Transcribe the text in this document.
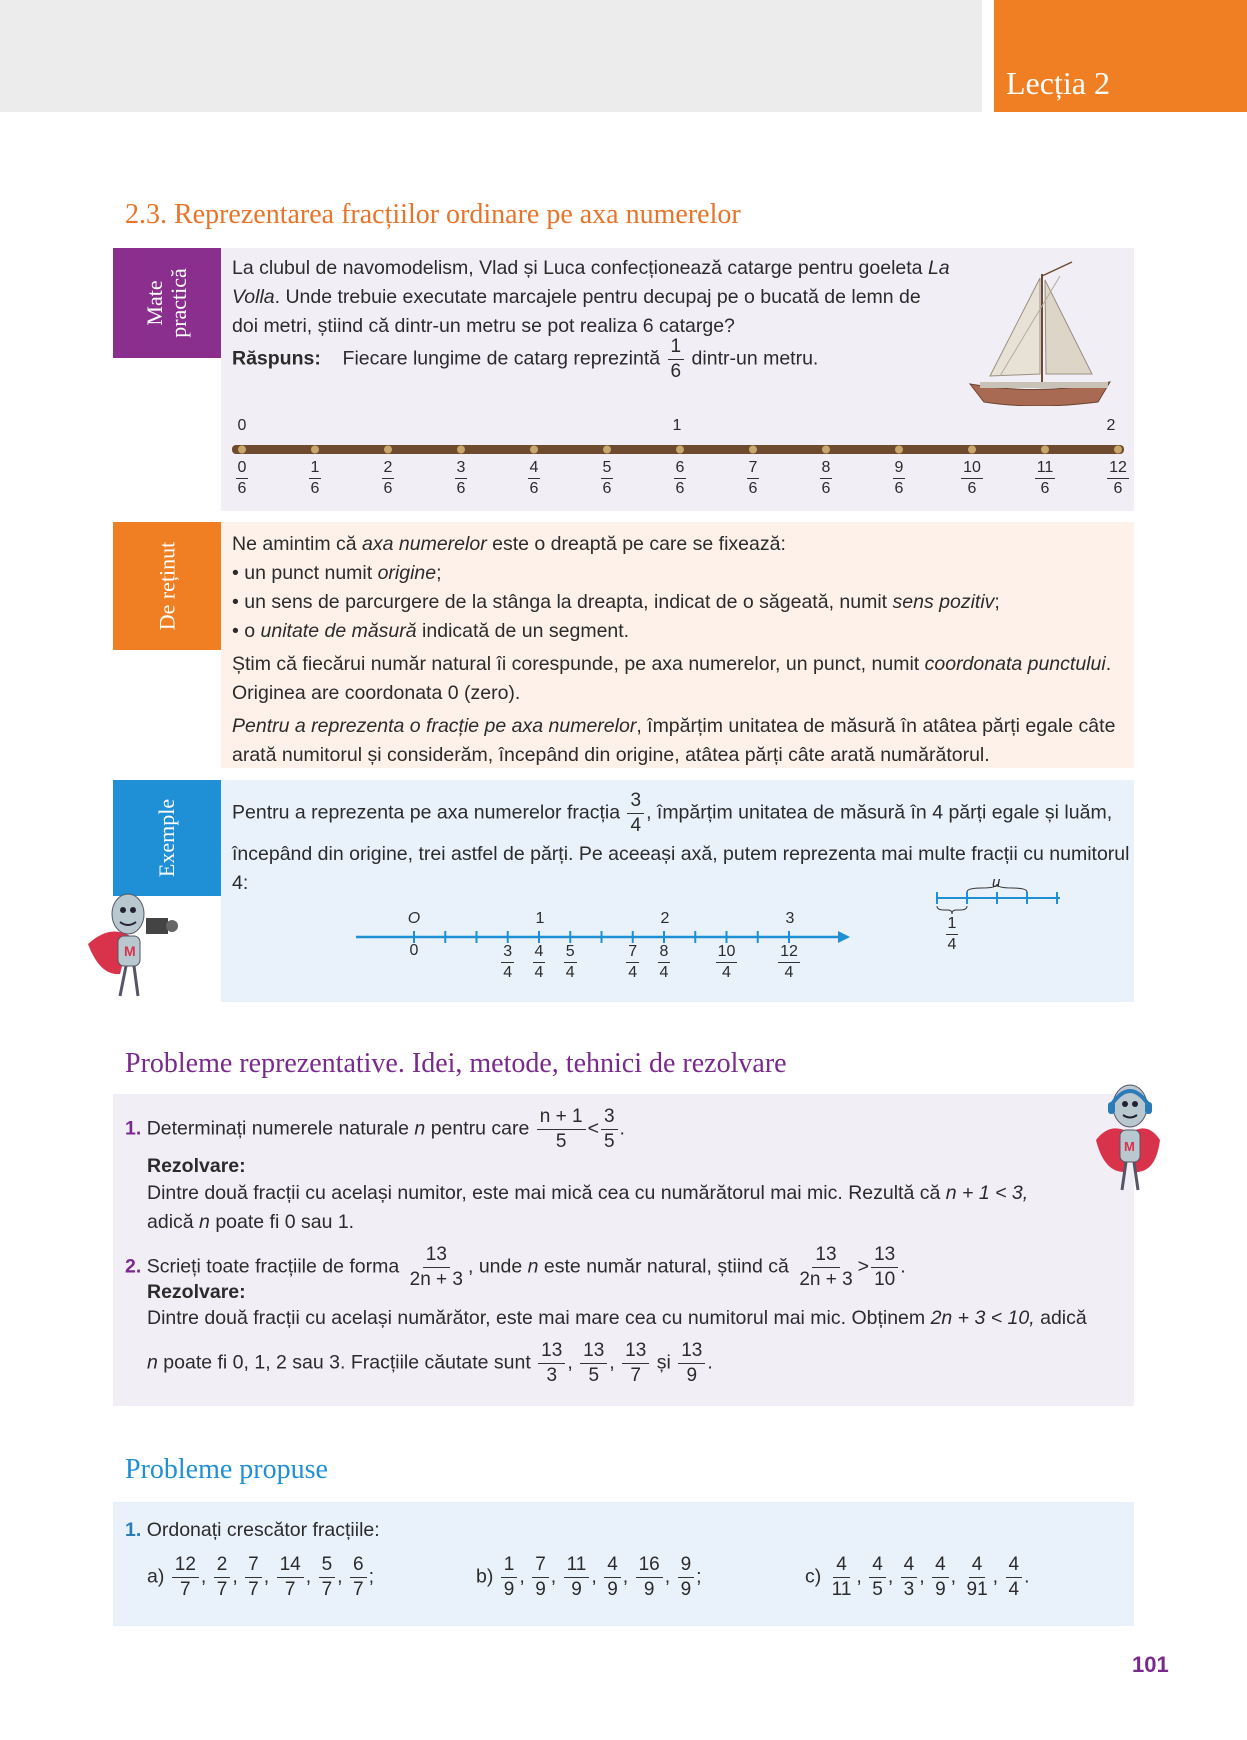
Lecția 2
2.3. Reprezentarea fracțiilor ordinare pe axa numerelor
Mate
practică
La clubul de navomodelism, Vlad și Luca confecționează catarge pentru goeleta La Volla. Unde trebuie executate marcajele pentru decupaj pe o bucată de lemn de doi metri, știind că dintr-un metru se pot realiza 6 catarge?
Răspuns: Fiecare lungime de catarg reprezintă $\frac{1}{6}$ dintr-un metru.
0	1	2
0
6
1
6
2
6
3
6
4
6
5
6
6
6
7
6
8
6
9
6
10
6
11
6
12
6
De reținut	Ne amintim că axa numerelor este o dreaptă pe care se fixează:
• un punct numit origine;
• un sens de parcurgere de la stânga la dreapta, indicat de o săgeată, numit sens pozitiv;
• o unitate de măsură indicată de un segment.
Știm că fiecărui număr natural îi corespunde, pe axa numerelor, un punct, numit coordonata punctului.
Originea are coordonata 0 (zero).
Pentru a reprezenta o fracție pe axa numerelor, împărțim unitatea de măsură în atâtea părți egale câte arată numitorul și considerăm, începând din origine, atâtea părți câte arată numărătorul.
Exemple	Pentru a reprezenta pe axa numerelor fracția $\frac{3}{4}$ , împărțim unitatea de măsură în 4 părți egale și luăm,
începând din origine, trei astfel de părți. Pe aceeași axă, putem reprezenta mai multe fracții cu numitorul 4:
M
O	1	2	3
0	3
4
4
4
5
4
7
4
8
4
10
4
12
4
u
1
4
Probleme reprezentative. Idei, metode, tehnici de rezolvare
1. Determinați numerele naturale n pentru care $\frac{n + 1}{5} < \frac{3}{5}$ .
Rezolvare:
Dintre două fracții cu același numitor, este mai mică cea cu numărătorul mai mic. Rezultă că n + 1 < 3,
adică n poate fi 0 sau 1.
2. Scrieți toate fracțiile de forma $\frac{13}{2n + 3}$ , unde n este număr natural, știind că $\frac{13}{2n + 3} > \frac{13}{10}$ .
Rezolvare:
Dintre două fracții cu același numărător, este mai mare cea cu numitorul mai mic. Obținem 2n + 3 < 10, adică
n poate fi 0, 1, 2 sau 3. Fracțiile căutate sunt $\frac{13}{3}$ , $\frac{13}{5}$ , $\frac{13}{7}$ și $\frac{13}{9}$ .
M
Probleme propuse
1. Ordonați crescător fracțiile:
$a) \frac{12}{7}$ , $\frac{2}{7}$ , $\frac{7}{7}$ , $\frac{14}{7}$ , $\frac{5}{7}$ , $\frac{6}{7}$ ;	$b) \frac{1}{9}$ , $\frac{7}{9}$ , $\frac{11}{9}$ , $\frac{4}{9}$ , $\frac{16}{9}$ , $\frac{9}{9}$ ;	$c) \frac{4}{11}$ , $\frac{4}{5}$ , $\frac{4}{3}$ , $\frac{4}{9}$ , $\frac{4}{91}$ , $\frac{4}{4}$ .
101
